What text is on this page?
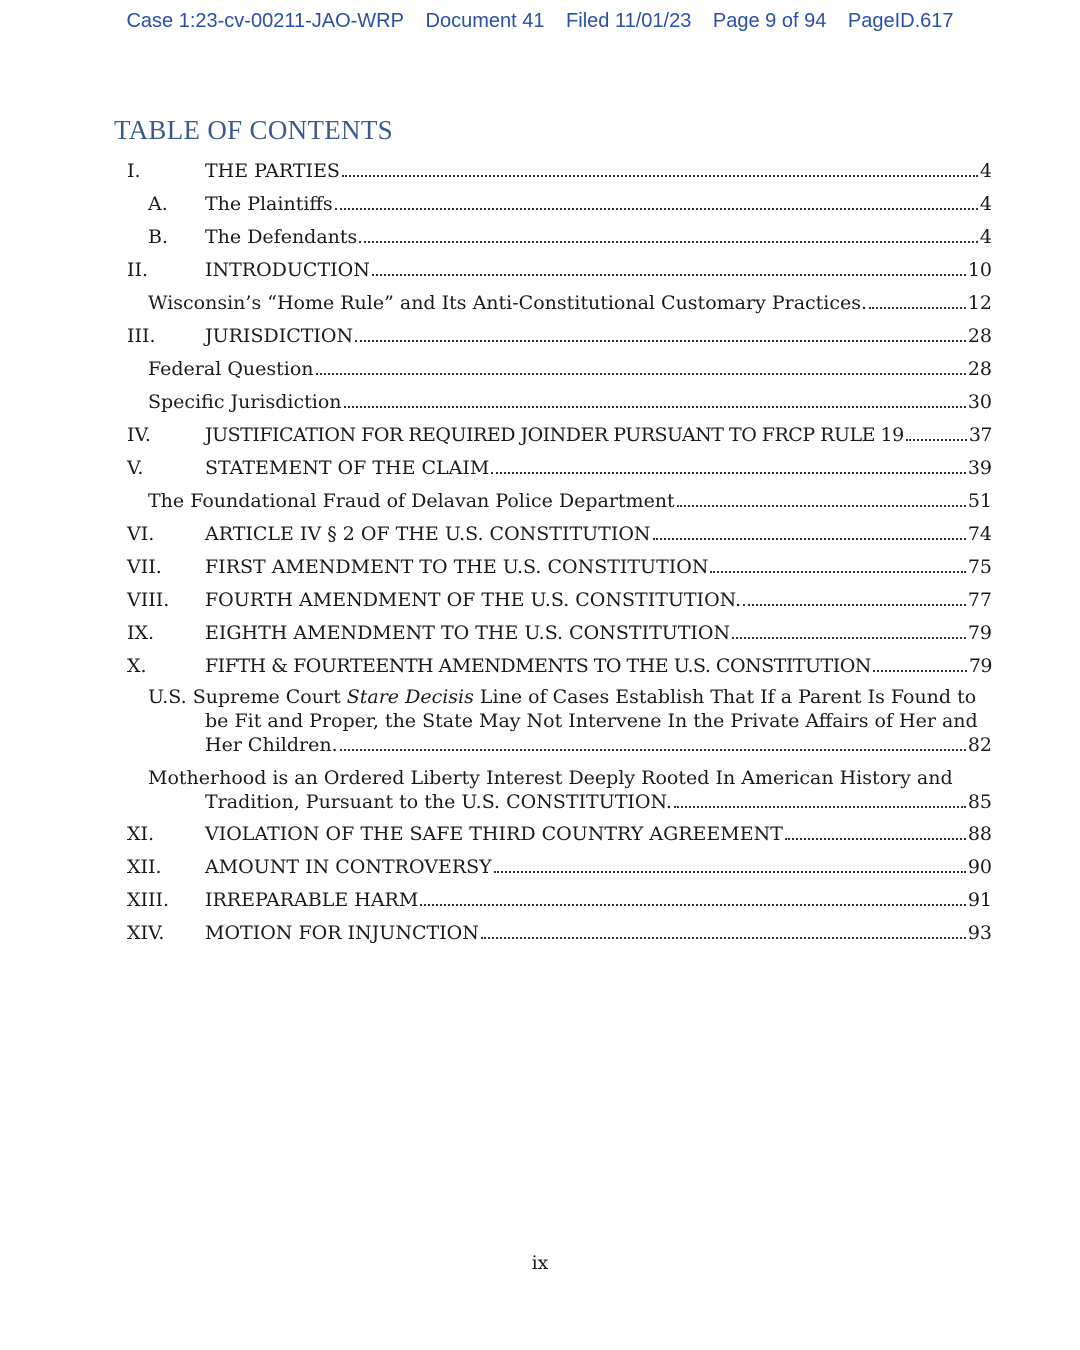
Case 1:23-cv-00211-JAO-WRP Document 41 Filed 11/01/23 Page 9 of 94 PageID.617
TABLE OF CONTENTS
I.	THE PARTIES	4
A. The Plaintiffs	4
B. The Defendants	4
II.	INTRODUCTION	10
Wisconsin’s “Home Rule” and Its Anti-Constitutional Customary Practices.	12
III.	JURISDICTION	28
Federal Question	28
Specific Jurisdiction	30
IV.	JUSTIFICATION FOR REQUIRED JOINDER PURSUANT TO FRCP RULE 19	37
V.	STATEMENT OF THE CLAIM	39
The Foundational Fraud of Delavan Police Department	51
VI.	ARTICLE IV § 2 OF THE U.S. CONSTITUTION	74
VII. FIRST AMENDMENT TO THE U.S. CONSTITUTION	75
VIII. FOURTH AMENDMENT OF THE U.S. CONSTITUTION.	77
IX.	EIGHTH AMENDMENT TO THE U.S. CONSTITUTION	79
X.	FIFTH & FOURTEENTH AMENDMENTS TO THE U.S. CONSTITUTION	79
U.S. Supreme Court Stare Decisis Line of Cases Establish That If a Parent Is Found to
be Fit and Proper, the State May Not Intervene In the Private Affairs of Her and
Her Children.	82
Motherhood is an Ordered Liberty Interest Deeply Rooted In American History and
Tradition, Pursuant to the U.S. CONSTITUTION.	85
XI.	VIOLATION OF THE SAFE THIRD COUNTRY AGREEMENT	88
XII. AMOUNT IN CONTROVERSY	90
XIII. IRREPARABLE HARM	91
XIV. MOTION FOR INJUNCTION	93
ix
